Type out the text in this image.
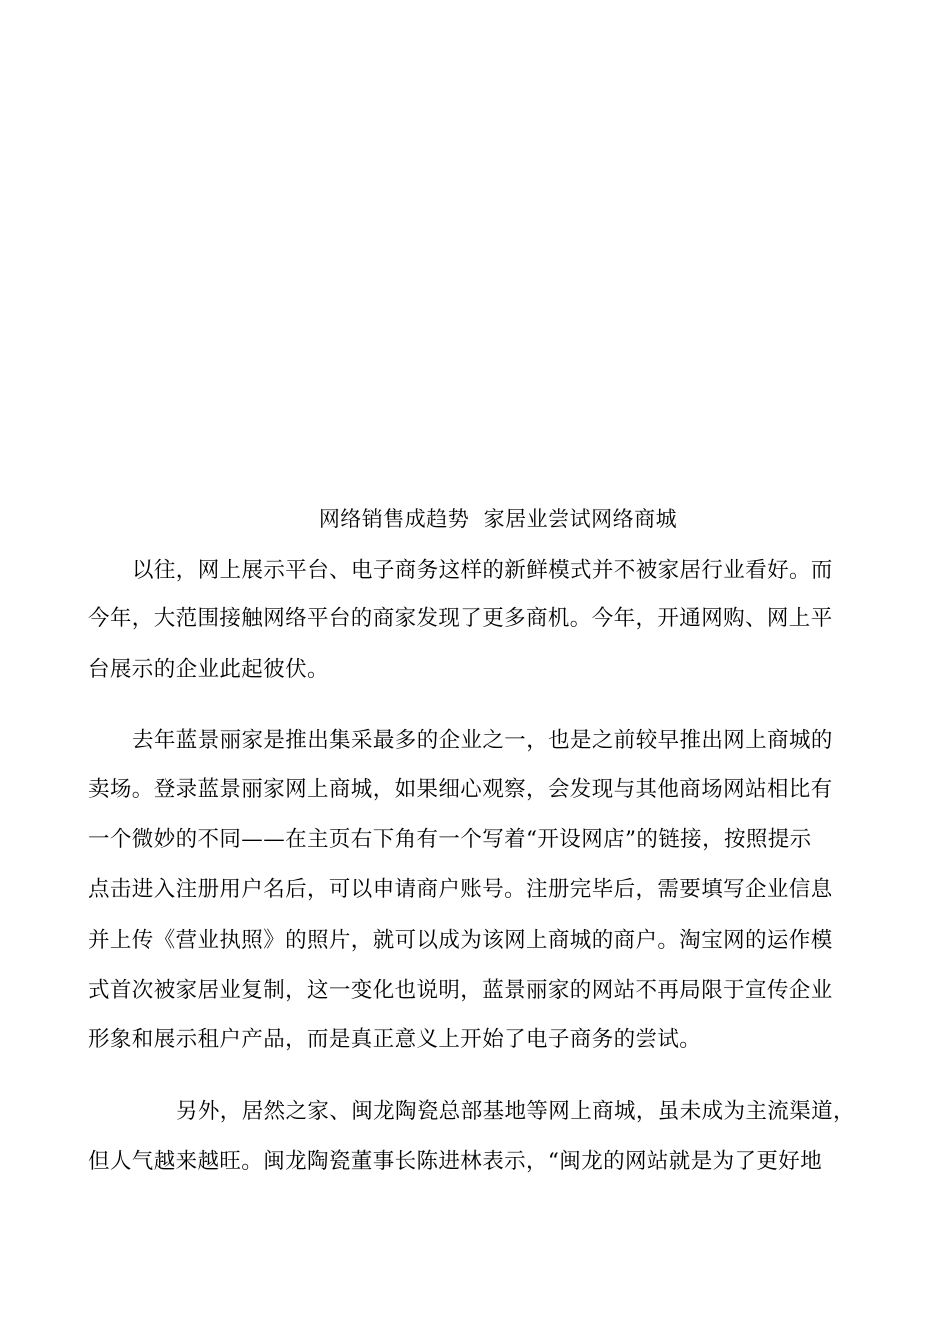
网络销售成趋势  家居业尝试网络商城
以往，网上展示平台、电子商务这样的新鲜模式并不被家居行业看好。而
今年，大范围接触网络平台的商家发现了更多商机。今年，开通网购、网上平
台展示的企业此起彼伏。
去年蓝景丽家是推出集采最多的企业之一，也是之前较早推出网上商城的
卖场。登录蓝景丽家网上商城，如果细心观察，会发现与其他商场网站相比有
一个微妙的不同——在主页右下角有一个写着“开设网店”的链接，按照提示
点击进入注册用户名后，可以申请商户账号。注册完毕后，需要填写企业信息
并上传《营业执照》的照片，就可以成为该网上商城的商户。淘宝网的运作模
式首次被家居业复制，这一变化也说明，蓝景丽家的网站不再局限于宣传企业
形象和展示租户产品，而是真正意义上开始了电子商务的尝试。
另外，居然之家、闽龙陶瓷总部基地等网上商城，虽未成为主流渠道，
但人气越来越旺。闽龙陶瓷董事长陈进林表示，“闽龙的网站就是为了更好地
